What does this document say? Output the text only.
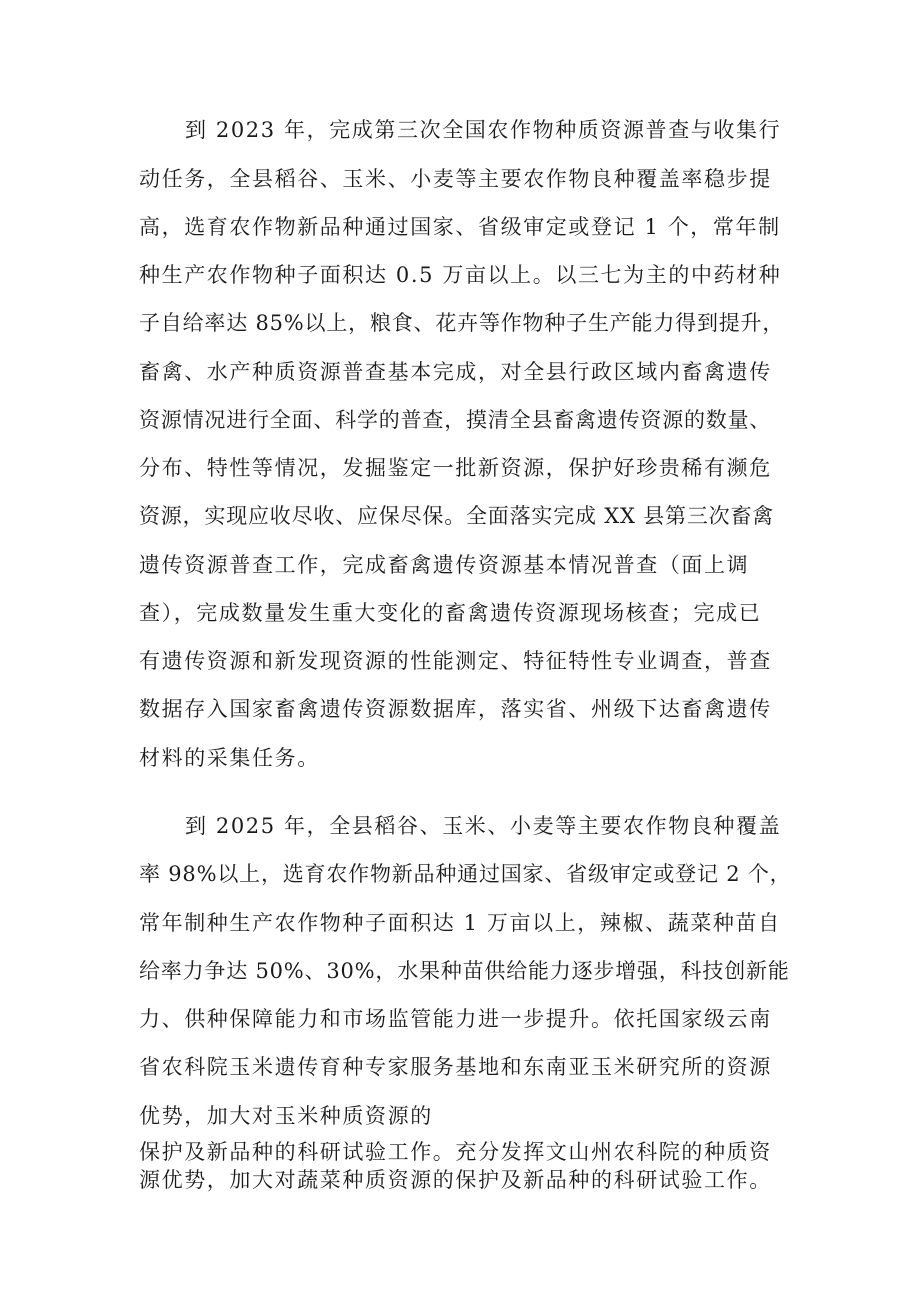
到 2023 年，完成第三次全国农作物种质资源普查与收集行
动任务，全县稻谷、玉米、小麦等主要农作物良种覆盖率稳步提
高，选育农作物新品种通过国家、省级审定或登记 1 个，常年制
种生产农作物种子面积达 0.5 万亩以上。以三七为主的中药材种
子自给率达 85%以上，粮食、花卉等作物种子生产能力得到提升，
畜禽、水产种质资源普查基本完成，对全县行政区域内畜禽遗传
资源情况进行全面、科学的普查，摸清全县畜禽遗传资源的数量、
分布、特性等情况，发掘鉴定一批新资源，保护好珍贵稀有濒危
资源，实现应收尽收、应保尽保。全面落实完成 XX 县第三次畜禽
遗传资源普查工作，完成畜禽遗传资源基本情况普查（面上调
查），完成数量发生重大变化的畜禽遗传资源现场核查；完成已
有遗传资源和新发现资源的性能测定、特征特性专业调查，普查
数据存入国家畜禽遗传资源数据库，落实省、州级下达畜禽遗传
材料的采集任务。
到 2025 年，全县稻谷、玉米、小麦等主要农作物良种覆盖
率 98%以上，选育农作物新品种通过国家、省级审定或登记 2 个，
常年制种生产农作物种子面积达 1 万亩以上，辣椒、蔬菜种苗自
给率力争达 50%、30%，水果种苗供给能力逐步增强，科技创新能
力、供种保障能力和市场监管能力进一步提升。依托国家级云南
省农科院玉米遗传育种专家服务基地和东南亚玉米研究所的资源
优势，加大对玉米种质资源的
保护及新品种的科研试验工作。充分发挥文山州农科院的种质资
源优势，加大对蔬菜种质资源的保护及新品种的科研试验工作。
